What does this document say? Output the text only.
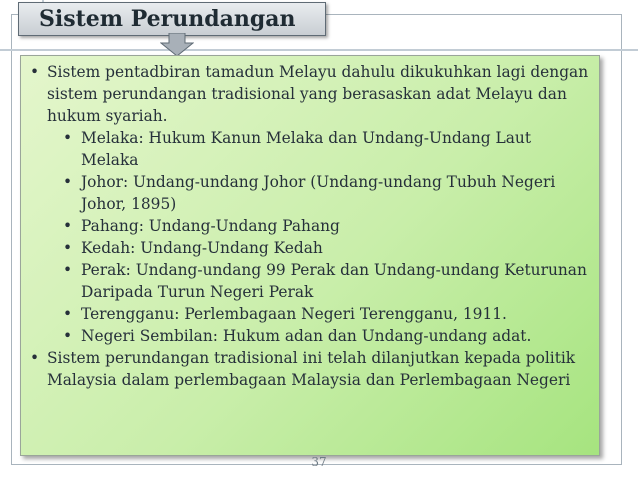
Sistem Perundangan
• Sistem pentadbiran tamadun Melayu dahulu dikukuhkan lagi dengan sistem perundangan tradisional yang berasaskan adat Melayu dan hukum syariah.
• Melaka: Hukum Kanun Melaka dan Undang-Undang Laut Melaka
• Johor: Undang-undang Johor (Undang-undang Tubuh Negeri Johor, 1895)
• Pahang: Undang-Undang Pahang
• Kedah: Undang-Undang Kedah
• Perak: Undang-undang 99 Perak dan Undang-undang Keturunan Daripada Turun Negeri Perak
• Terengganu: Perlembagaan Negeri Terengganu, 1911.
• Negeri Sembilan: Hukum adan dan Undang-undang adat.
• Sistem perundangan tradisional ini telah dilanjutkan kepada politik Malaysia dalam perlembagaan Malaysia dan Perlembagaan Negeri
37
